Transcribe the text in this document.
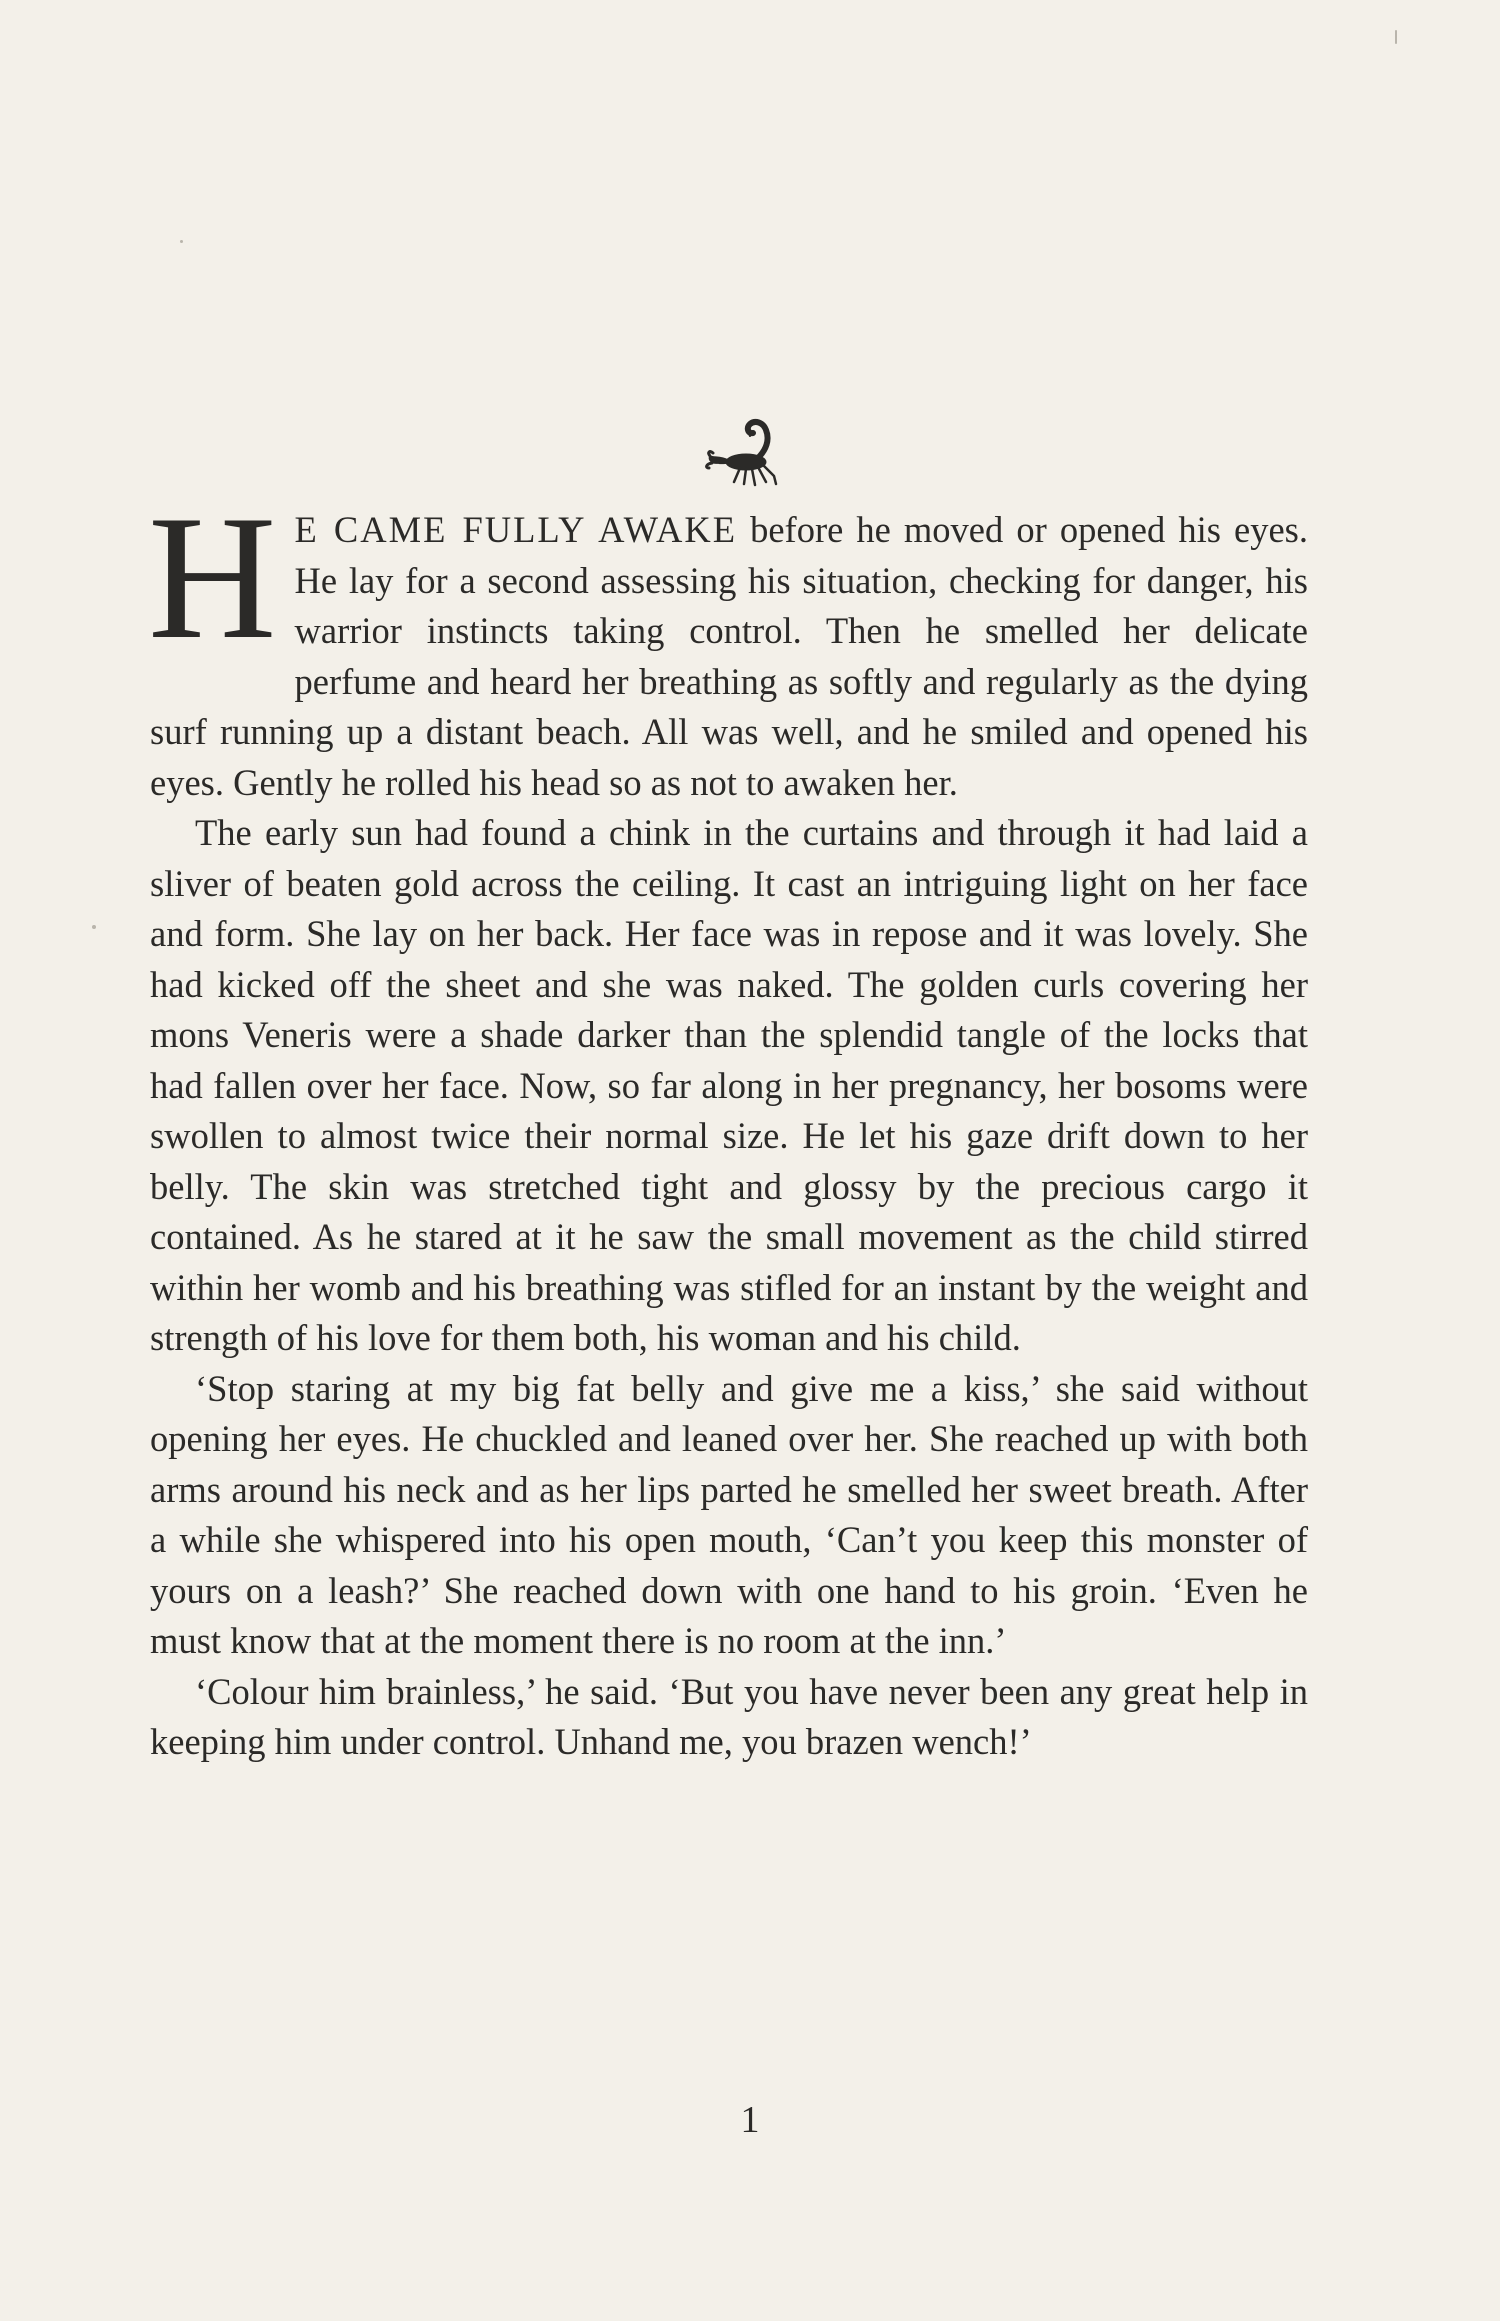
H E CAME FULLY AWAKE before he moved or opened his eyes. He lay for a second assessing his situation, checking for danger, his warrior instincts taking control. Then he smelled her delicate perfume and heard her breathing as softly and regularly as the dying surf running up a distant beach. All was well, and he smiled and opened his eyes. Gently he rolled his head so as not to awaken her.

The early sun had found a chink in the curtains and through it had laid a sliver of beaten gold across the ceiling. It cast an intriguing light on her face and form. She lay on her back. Her face was in repose and it was lovely. She had kicked off the sheet and she was naked. The golden curls covering her mons Veneris were a shade darker than the splendid tangle of the locks that had fallen over her face. Now, so far along in her pregnancy, her bosoms were swollen to almost twice their normal size. He let his gaze drift down to her belly. The skin was stretched tight and glossy by the precious cargo it contained. As he stared at it he saw the small movement as the child stirred within her womb and his breathing was stifled for an instant by the weight and strength of his love for them both, his woman and his child.

‘Stop staring at my big fat belly and give me a kiss,’ she said without opening her eyes. He chuckled and leaned over her. She reached up with both arms around his neck and as her lips parted he smelled her sweet breath. After a while she whispered into his open mouth, ‘Can’t you keep this monster of yours on a leash?’ She reached down with one hand to his groin. ‘Even he must know that at the moment there is no room at the inn.’

‘Colour him brainless,’ he said. ‘But you have never been any great help in keeping him under control. Unhand me, you brazen wench!’

1
